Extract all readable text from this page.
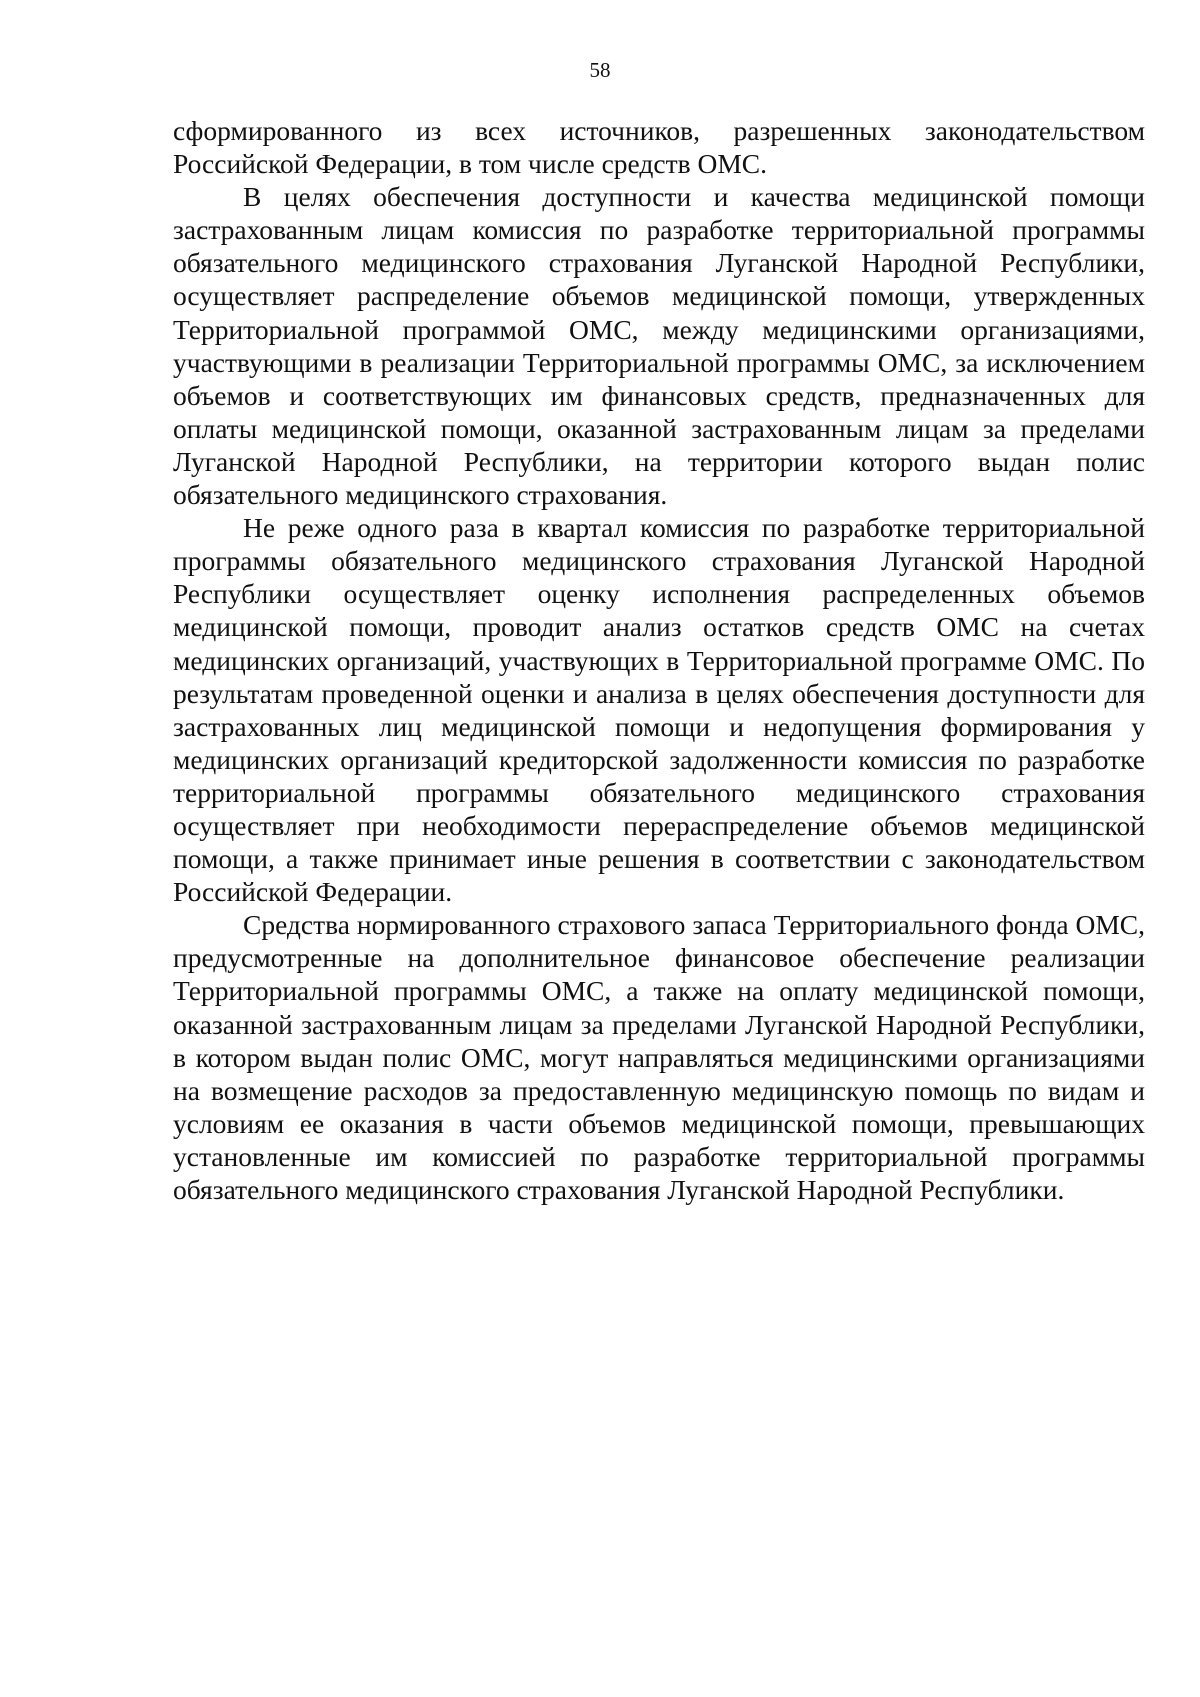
58

сформированного из всех источников, разрешенных законодательством Российской Федерации, в том числе средств ОМС.

В целях обеспечения доступности и качества медицинской помощи застрахованным лицам комиссия по разработке территориальной программы обязательного медицинского страхования Луганской Народной Республики, осуществляет распределение объемов медицинской помощи, утвержденных Территориальной программой ОМС, между медицинскими организациями, участвующими в реализации Территориальной программы ОМС, за исключением объемов и соответствующих им финансовых средств, предназначенных для оплаты медицинской помощи, оказанной застрахованным лицам за пределами Луганской Народной Республики, на территории которого выдан полис обязательного медицинского страхования.

Не реже одного раза в квартал комиссия по разработке территориальной программы обязательного медицинского страхования Луганской Народной Республики осуществляет оценку исполнения распределенных объемов медицинской помощи, проводит анализ остатков средств ОМС на счетах медицинских организаций, участвующих в Территориальной программе ОМС. По результатам проведенной оценки и анализа в целях обеспечения доступности для застрахованных лиц медицинской помощи и недопущения формирования у медицинских организаций кредиторской задолженности комиссия по разработке территориальной программы обязательного медицинского страхования осуществляет при необходимости перераспределение объемов медицинской помощи, а также принимает иные решения в соответствии с законодательством Российской Федерации.

Средства нормированного страхового запаса Территориального фонда ОМС, предусмотренные на дополнительное финансовое обеспечение реализации Территориальной программы ОМС, а также на оплату медицинской помощи, оказанной застрахованным лицам за пределами Луганской Народной Республики, в котором выдан полис ОМС, могут направляться медицинскими организациями на возмещение расходов за предоставленную медицинскую помощь по видам и условиям ее оказания в части объемов медицинской помощи, превышающих установленные им комиссией по разработке территориальной программы обязательного медицинского страхования Луганской Народной Республики.
